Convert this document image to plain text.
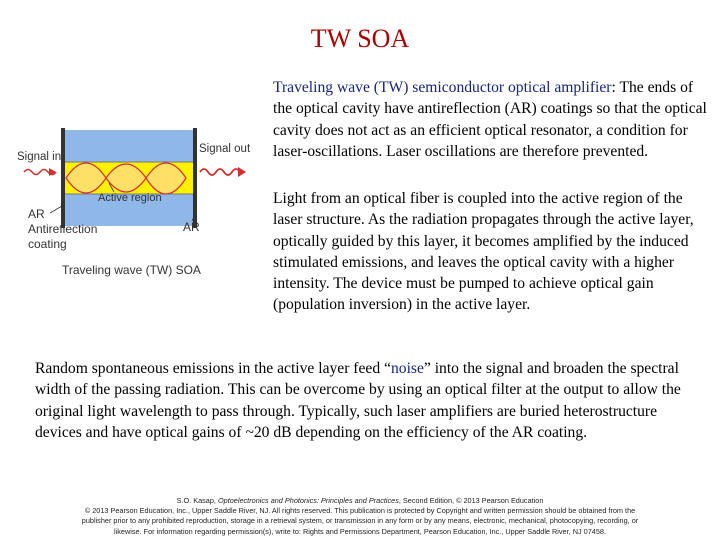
TW SOA
Signal in
Signal out
Active region
AR
Antireflection
coating
AR
Traveling wave (TW) SOA

Traveling wave (TW) semiconductor optical amplifier: The ends of the optical cavity have antireflection (AR) coatings so that the optical cavity does not act as an efficient optical resonator, a condition for laser-oscillations. Laser oscillations are therefore prevented.

Light from an optical fiber is coupled into the active region of the laser structure. As the radiation propagates through the active layer, optically guided by this layer, it becomes amplified by the induced stimulated emissions, and leaves the optical cavity with a higher intensity. The device must be pumped to achieve optical gain (population inversion) in the active layer.
Random spontaneous emissions in the active layer feed “noise” into the signal and broaden the spectral width of the passing radiation. This can be overcome by using an optical filter at the output to allow the original light wavelength to pass through. Typically, such laser amplifiers are buried heterostructure devices and have optical gains of ~20 dB depending on the efficiency of the AR coating.
S.O. Kasap, Optoelectronics and Photonics: Principles and Practices, Second Edition, © 2013 Pearson Education
© 2013 Pearson Education, Inc., Upper Saddle River, NJ. All rights reserved. This publication is protected by Copyright and written permission should be obtained from the
publisher prior to any prohibited reproduction, storage in a retrieval system, or transmission in any form or by any means, electronic, mechanical, photocopying, recording, or
likewise. For information regarding permission(s), write to: Rights and Permissions Department, Pearson Education, Inc., Upper Saddle River, NJ 07458.
